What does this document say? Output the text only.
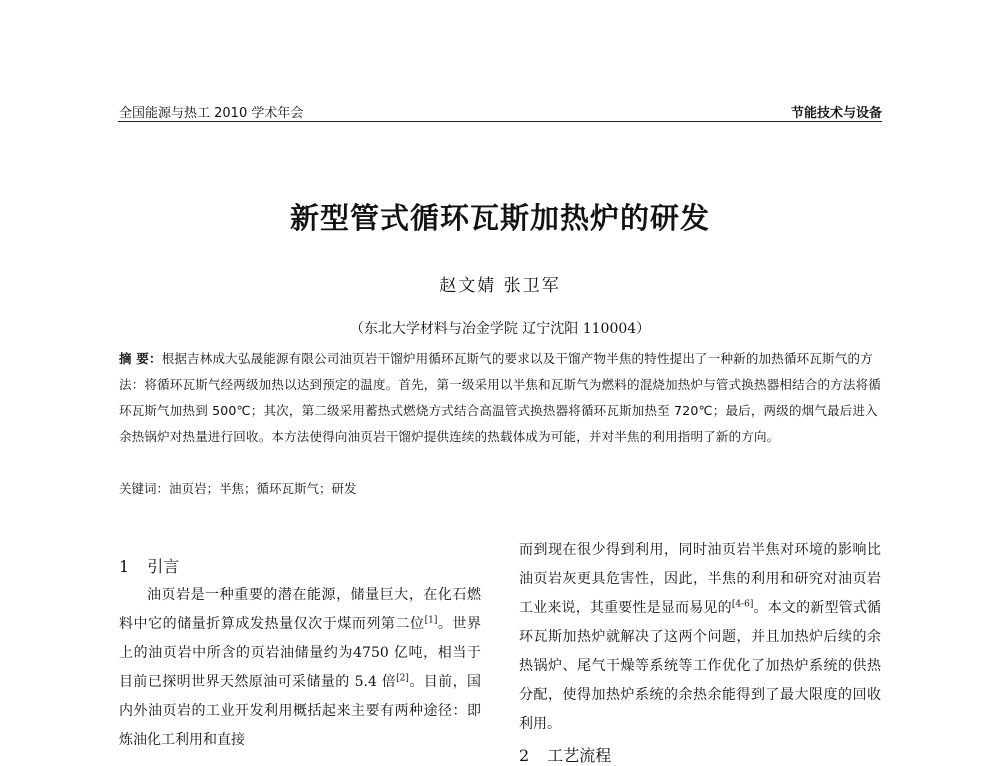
全国能源与热工 2010 学术年会	节能技术与设备
新型管式循环瓦斯加热炉的研发
赵文婧 张卫军
（东北大学材料与冶金学院 辽宁沈阳 110004）
摘 要：根据吉林成大弘晟能源有限公司油页岩干馏炉用循环瓦斯气的要求以及干馏产物半焦的特性提出了一种新的加热循环瓦斯气的方法：将循环瓦斯气经两级加热以达到预定的温度。首先，第一级采用以半焦和瓦斯气为燃料的混烧加热炉与管式换热器相结合的方法将循环瓦斯气加热到 500℃；其次，第二级采用蓄热式燃烧方式结合高温管式换热器将循环瓦斯加热至 720℃；最后，两级的烟气最后进入余热锅炉对热量进行回收。本方法使得向油页岩干馏炉提供连续的热载体成为可能，并对半焦的利用指明了新的方向。
关键词：油页岩；半焦；循环瓦斯气；研发
1 引言

油页岩是一种重要的潜在能源，储量巨大，在化石燃料中它的储量折算成发热量仅次于煤而列第二位[1]。世界上的油页岩中所含的页岩油储量约为4750 亿吨，相当于目前已探明世界天然原油可采储量的 5.4 倍[2]。目前，国内外油页岩的工业开发利用概括起来主要有两种途径：即炼油化工利用和直接

而到现在很少得到利用，同时油页岩半焦对环境的影响比油页岩灰更具危害性，因此，半焦的利用和研究对油页岩工业来说，其重要性是显而易见的[4-6]。本文的新型管式循环瓦斯加热炉就解决了这两个问题，并且加热炉后续的余热锅炉、尾气干燥等系统等工作优化了加热炉系统的供热分配，使得加热炉系统的余热余能得到了最大限度的回收利用。

2 工艺流程
